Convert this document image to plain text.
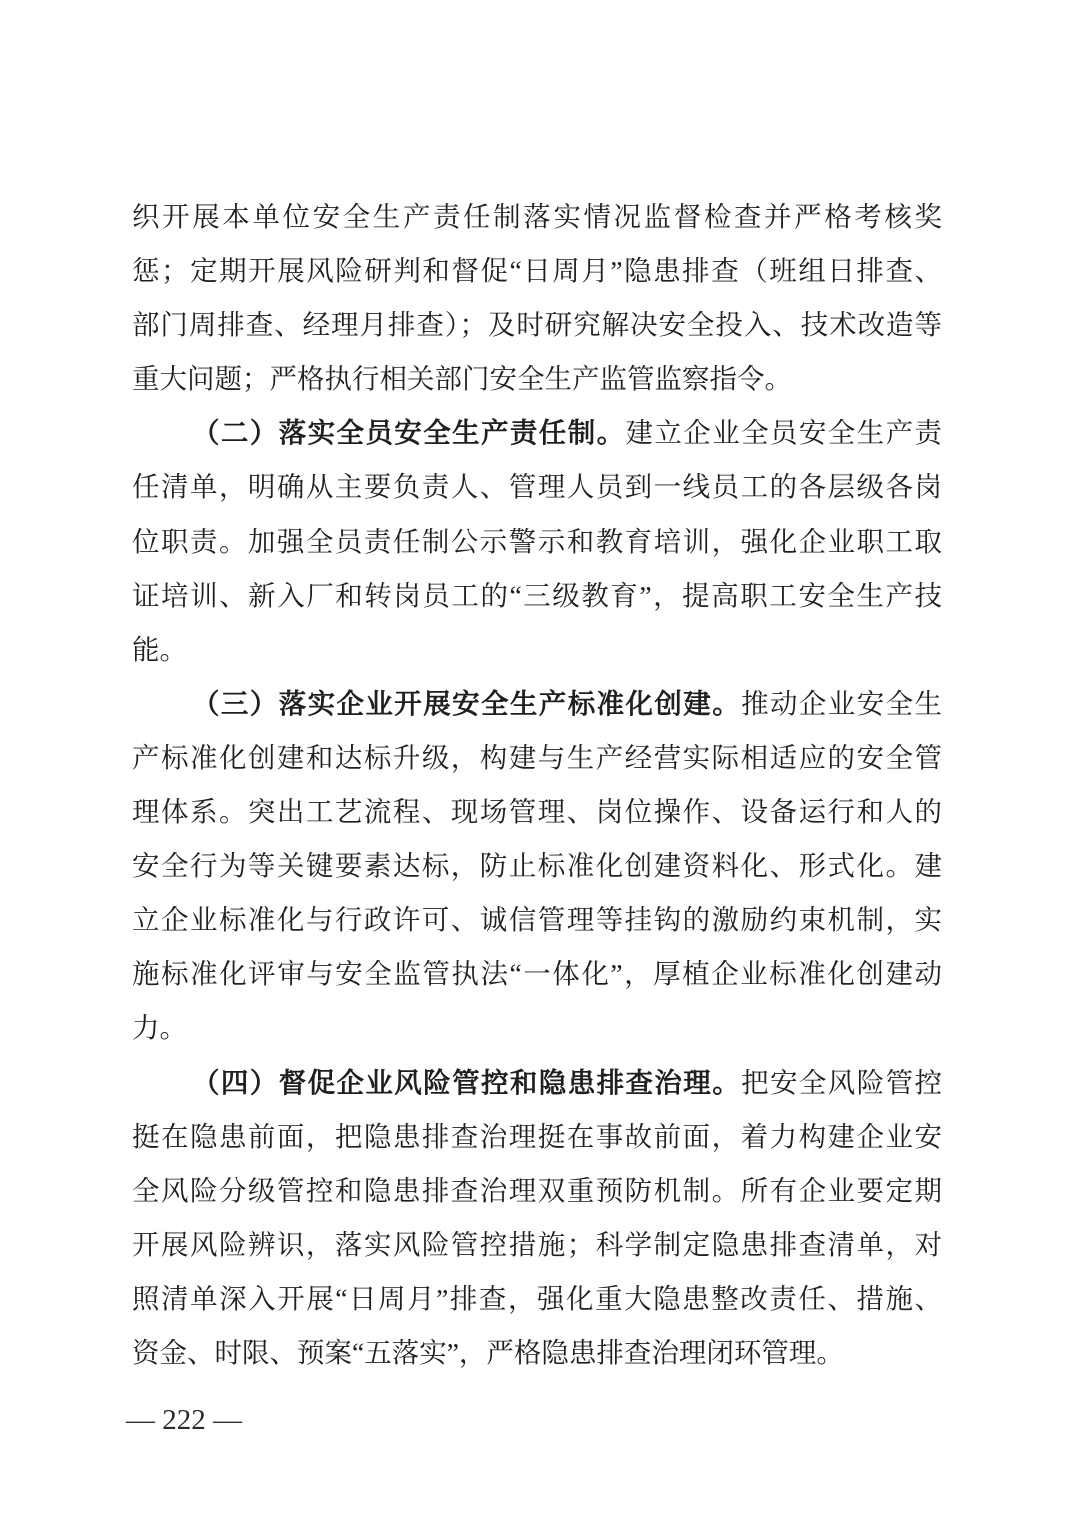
织开展本单位安全生产责任制落实情况监督检查并严格考核奖
惩；定期开展风险研判和督促“日周月”隐患排查（班组日排查、
部门周排查、经理月排查）；及时研究解决安全投入、技术改造等
重大问题；严格执行相关部门安全生产监管监察指令。
（二）落实全员安全生产责任制。建立企业全员安全生产责
任清单，明确从主要负责人、管理人员到一线员工的各层级各岗
位职责。加强全员责任制公示警示和教育培训，强化企业职工取
证培训、新入厂和转岗员工的“三级教育”，提高职工安全生产技
能。
（三）落实企业开展安全生产标准化创建。推动企业安全生
产标准化创建和达标升级，构建与生产经营实际相适应的安全管
理体系。突出工艺流程、现场管理、岗位操作、设备运行和人的
安全行为等关键要素达标，防止标准化创建资料化、形式化。建
立企业标准化与行政许可、诚信管理等挂钩的激励约束机制，实
施标准化评审与安全监管执法“一体化”，厚植企业标准化创建动
力。
（四）督促企业风险管控和隐患排查治理。把安全风险管控
挺在隐患前面，把隐患排查治理挺在事故前面，着力构建企业安
全风险分级管控和隐患排查治理双重预防机制。所有企业要定期
开展风险辨识，落实风险管控措施；科学制定隐患排查清单，对
照清单深入开展“日周月”排查，强化重大隐患整改责任、措施、
资金、时限、预案“五落实”，严格隐患排查治理闭环管理。
— 222 —
